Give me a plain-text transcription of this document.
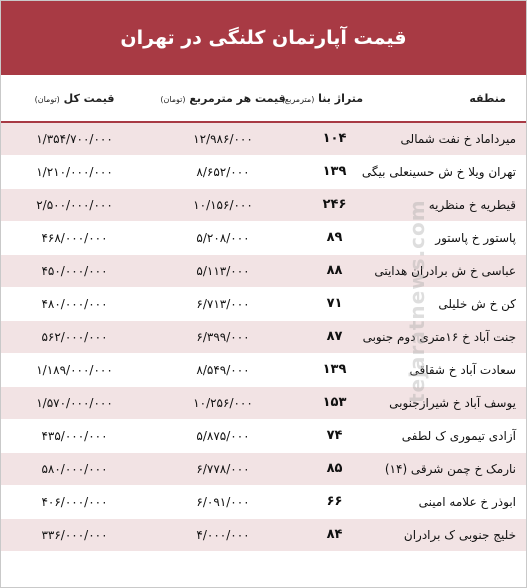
قیمت آپارتمان کلنگی در تهران
منطقه	متراژ بنا (مترمربع)	قیمت هر مترمربع (تومان)	قیمت کل (تومان)
میرداماد خ نفت شمالی	۱۰۴	۱۲/۹۸۶/۰۰۰	۱/۳۵۴/۷۰۰/۰۰۰
تهران ویلا خ ش حسینعلی بیگی	۱۳۹	۸/۶۵۲/۰۰۰	۱/۲۱۰/۰۰۰/۰۰۰
قیطریه خ منظریه	۲۴۶	۱۰/۱۵۶/۰۰۰	۲/۵۰۰/۰۰۰/۰۰۰
پاستور خ پاستور	۸۹	۵/۲۰۸/۰۰۰	۴۶۸/۰۰۰/۰۰۰
عباسی خ ش برادران هدایتی	۸۸	۵/۱۱۳/۰۰۰	۴۵۰/۰۰۰/۰۰۰
کن خ ش خلیلی	۷۱	۶/۷۱۳/۰۰۰	۴۸۰/۰۰۰/۰۰۰
جنت آباد خ ۱۶متری دوم جنوبی	۸۷	۶/۳۹۹/۰۰۰	۵۶۲/۰۰۰/۰۰۰
سعادت آباد خ شقاقی	۱۳۹	۸/۵۴۹/۰۰۰	۱/۱۸۹/۰۰۰/۰۰۰
یوسف آباد خ شیرازجنوبی	۱۵۳	۱۰/۲۵۶/۰۰۰	۱/۵۷۰/۰۰۰/۰۰۰
آزادی تیموری ک لطفی	۷۴	۵/۸۷۵/۰۰۰	۴۳۵/۰۰۰/۰۰۰
نارمک خ چمن شرقی (۱۴)	۸۵	۶/۷۷۸/۰۰۰	۵۸۰/۰۰۰/۰۰۰
ابوذر خ علامه امینی	۶۶	۶/۰۹۱/۰۰۰	۴۰۶/۰۰۰/۰۰۰
خلیج جنوبی ک برادران	۸۴	۴/۰۰۰/۰۰۰	۳۳۶/۰۰۰/۰۰۰
tejaratnews.com
